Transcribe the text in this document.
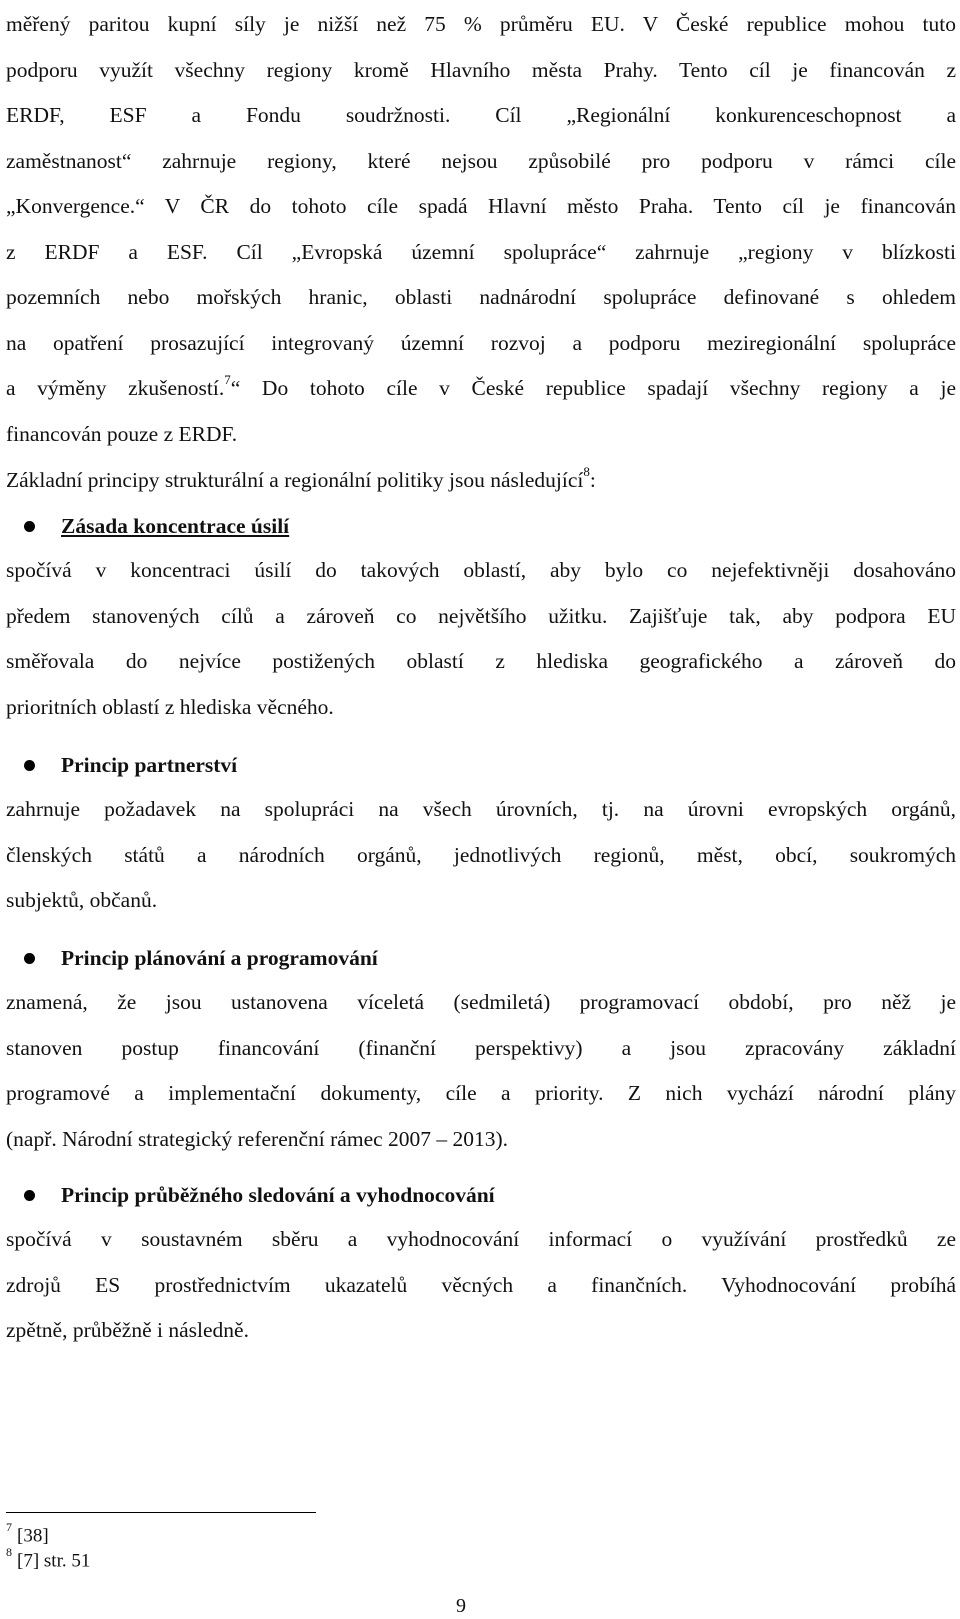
měřený paritou kupní síly je nižší než 75 % průměru EU. V České republice mohou tuto
podporu využít všechny regiony kromě Hlavního města Prahy. Tento cíl je financován z
ERDF, ESF a Fondu soudržnosti. Cíl „Regionální konkurenceschopnost a
zaměstnanost“ zahrnuje regiony, které nejsou způsobilé pro podporu v rámci cíle
„Konvergence.“ V ČR do tohoto cíle spadá Hlavní město Praha. Tento cíl je financován
z ERDF a ESF. Cíl „Evropská územní spolupráce“ zahrnuje „regiony v blízkosti
pozemních nebo mořských hranic, oblasti nadnárodní spolupráce definované s ohledem
na opatření prosazující integrovaný územní rozvoj a podporu meziregionální spolupráce
a výměny zkušeností.$^7$“ Do tohoto cíle v České republice spadají všechny regiony a je
financován pouze z ERDF.
Základní principy strukturální a regionální politiky jsou následující$^8$:
Zásada koncentrace úsilí
spočívá v koncentraci úsilí do takových oblastí, aby bylo co nejefektivněji dosahováno
předem stanovených cílů a zároveň co největšího užitku. Zajišťuje tak, aby podpora EU
směřovala do nejvíce postižených oblastí z hlediska geografického a zároveň do
prioritních oblastí z hlediska věcného.
Princip partnerství
zahrnuje požadavek na spolupráci na všech úrovních, tj. na úrovni evropských orgánů,
členských států a národních orgánů, jednotlivých regionů, měst, obcí, soukromých
subjektů, občanů.
Princip plánování a programování
znamená, že jsou ustanovena víceletá (sedmiletá) programovací období, pro něž je
stanoven postup financování (finanční perspektivy) a jsou zpracovány základní
programové a implementační dokumenty, cíle a priority. Z nich vychází národní plány
(např. Národní strategický referenční rámec 2007 – 2013).
Princip průběžného sledování a vyhodnocování
spočívá v soustavném sběru a vyhodnocování informací o využívání prostředků ze
zdrojů ES prostřednictvím ukazatelů věcných a finančních. Vyhodnocování probíhá
zpětně, průběžně i následně.
$^7$ [38]
$^8$ [7] str. 51
9
